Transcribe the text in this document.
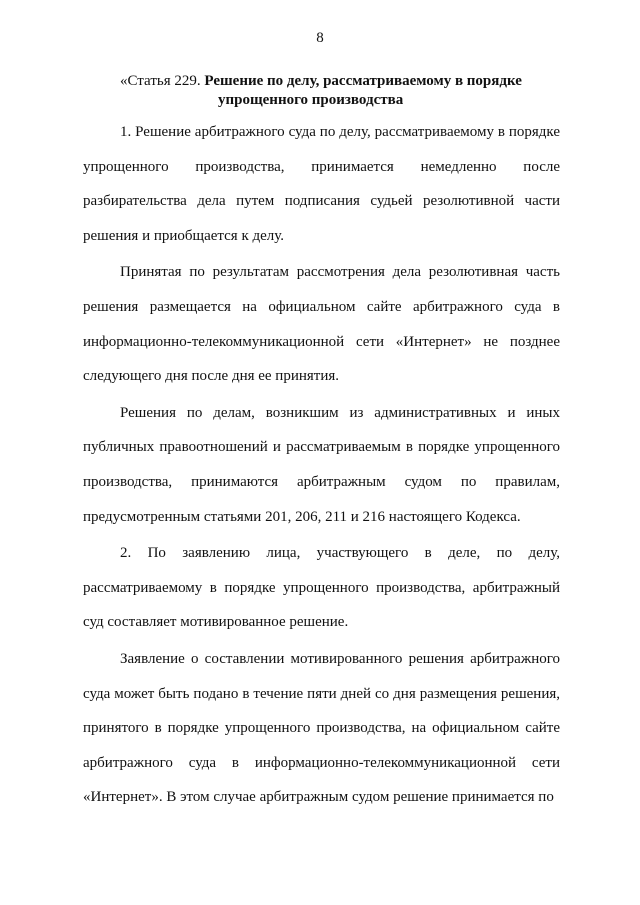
8
«Статья 229. Решение по делу, рассматриваемому в порядке
упрощенного производства

1. Решение арбитражного суда по делу, рассматриваемому в порядке упрощенного производства, принимается немедленно после разбирательства дела путем подписания судьей резолютивной части решения и приобщается к делу.

Принятая по результатам рассмотрения дела резолютивная часть решения размещается на официальном сайте арбитражного суда в информационно-телекоммуникационной сети «Интернет» не позднее следующего дня после дня ее принятия.

Решения по делам, возникшим из административных и иных публичных правоотношений и рассматриваемым в порядке упрощенного производства, принимаются арбитражным судом по правилам, предусмотренным статьями 201, 206, 211 и 216 настоящего Кодекса.

2. По заявлению лица, участвующего в деле, по делу, рассматриваемому в порядке упрощенного производства, арбитражный суд составляет мотивированное решение.

Заявление о составлении мотивированного решения арбитражного суда может быть подано в течение пяти дней со дня размещения решения, принятого в порядке упрощенного производства, на официальном сайте арбитражного суда в информационно-телекоммуникационной сети «Интернет». В этом случае арбитражным судом решение принимается по
